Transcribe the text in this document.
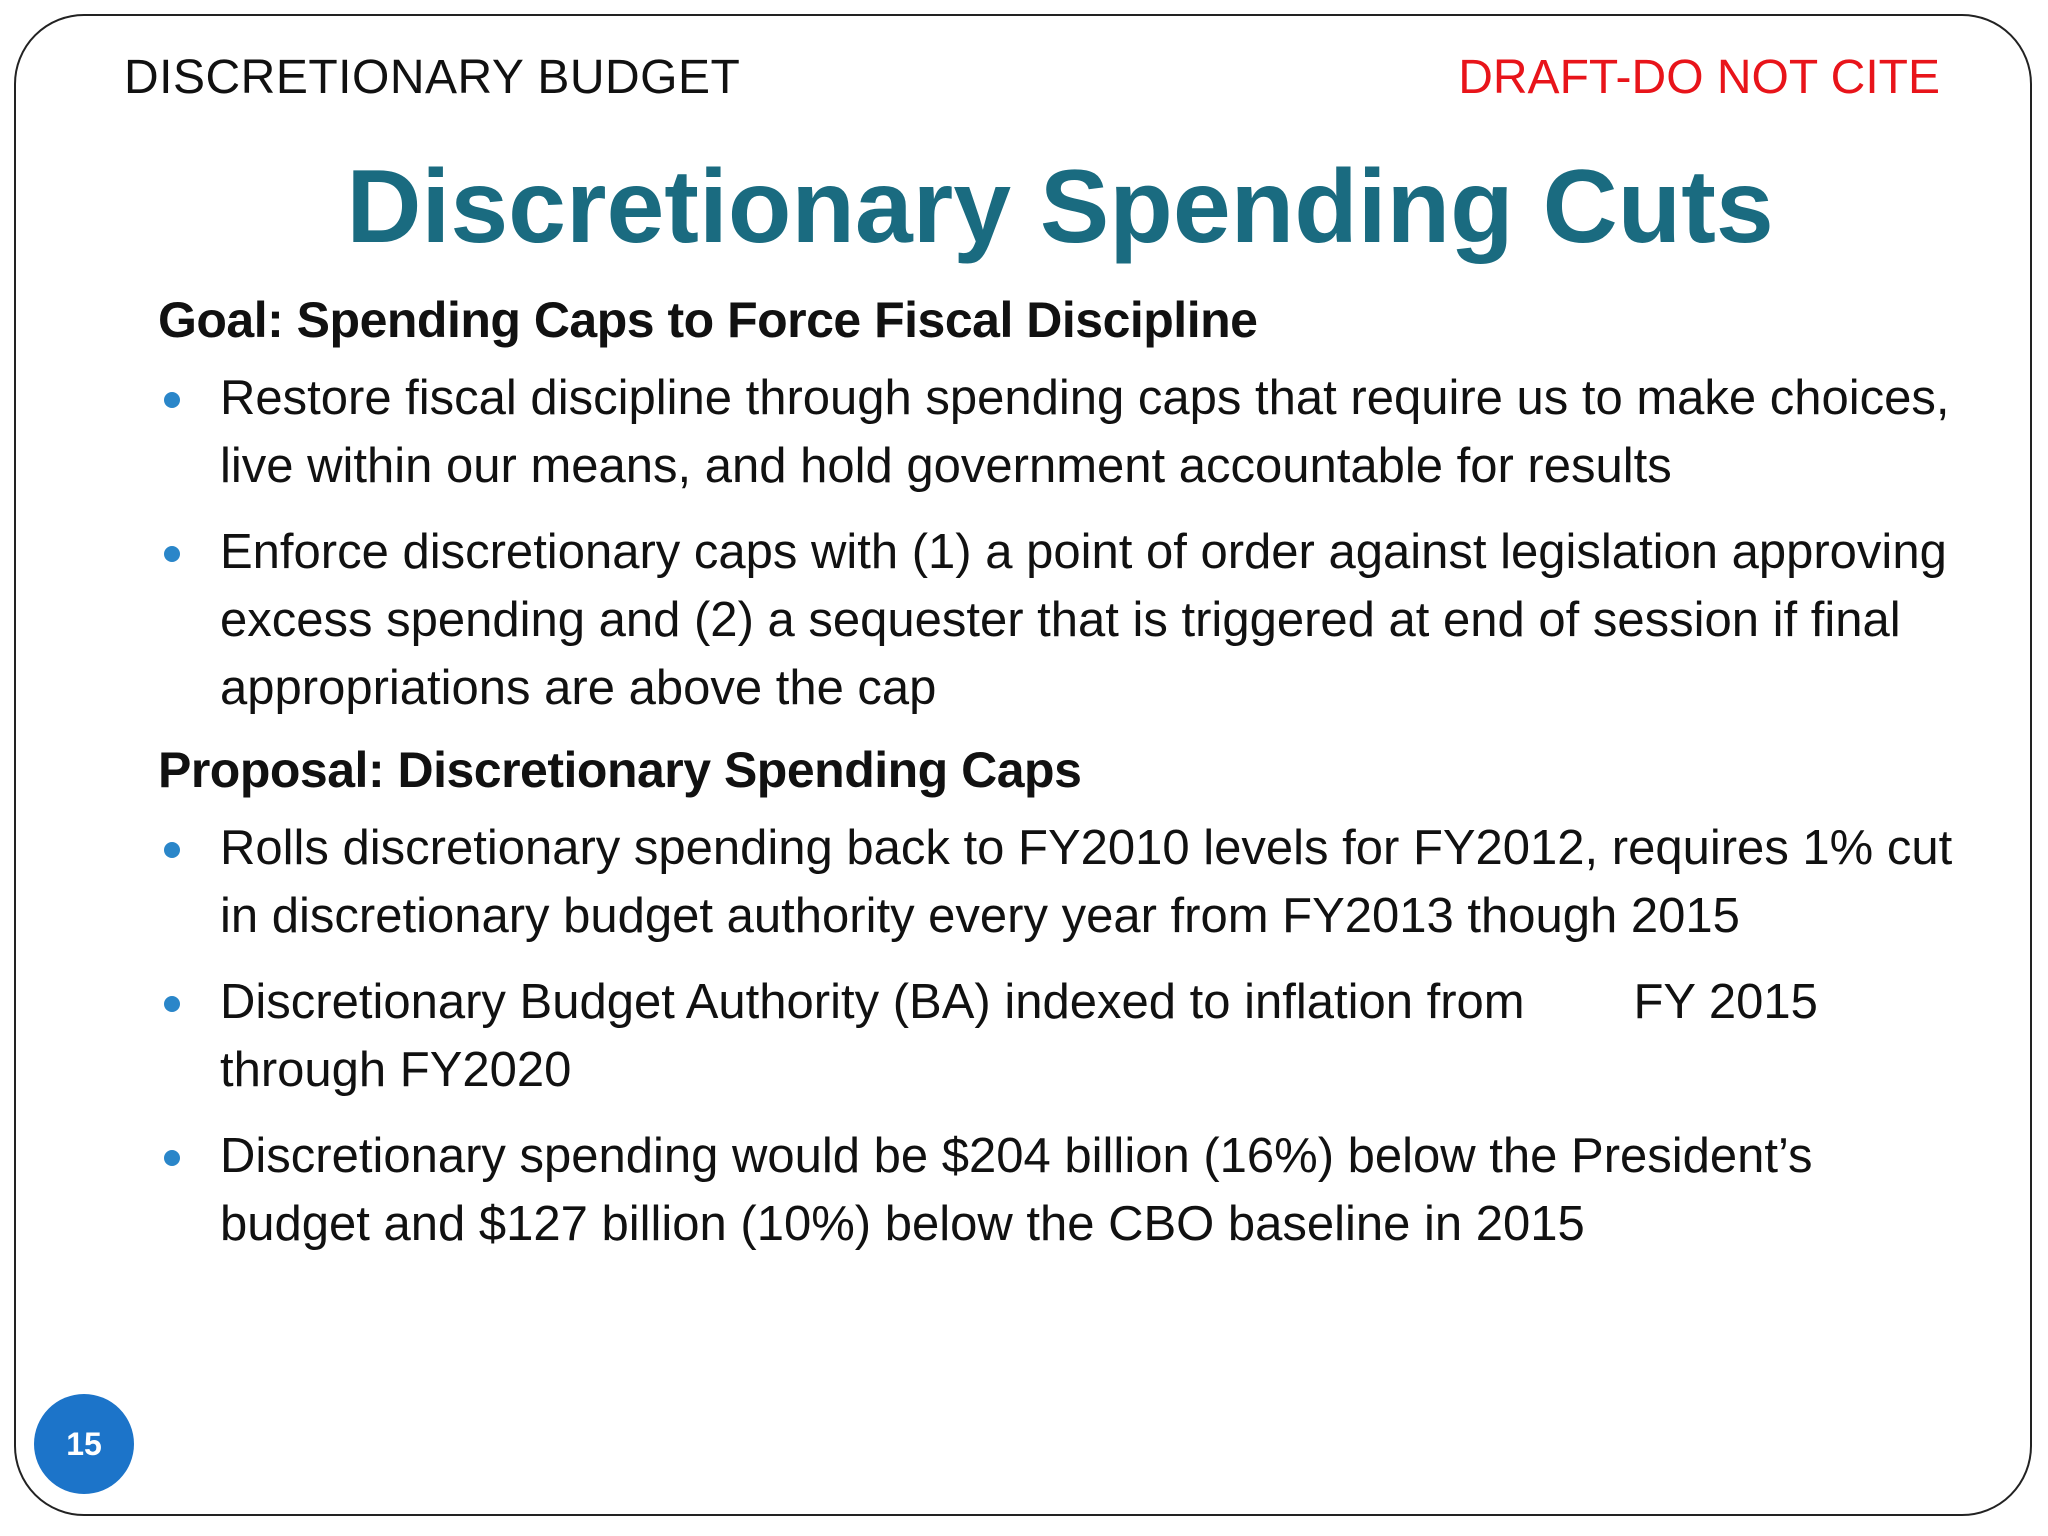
DISCRETIONARY BUDGET	DRAFT-DO NOT CITE
Discretionary Spending Cuts
Goal: Spending Caps to Force Fiscal Discipline
Restore fiscal discipline through spending caps that require us to make choices, live within our means, and hold government accountable for results
Enforce discretionary caps with (1) a point of order against legislation approving excess spending and (2) a sequester that is triggered at end of session if final appropriations are above the cap
Proposal: Discretionary Spending Caps
Rolls discretionary spending back to FY2010 levels for FY2012, requires 1% cut in discretionary budget authority every year from FY2013 though 2015
Discretionary Budget Authority (BA) indexed to inflation from        FY 2015 through FY2020
Discretionary spending would be $204 billion (16%) below the President’s budget and $127 billion (10%) below the CBO baseline in 2015
15
